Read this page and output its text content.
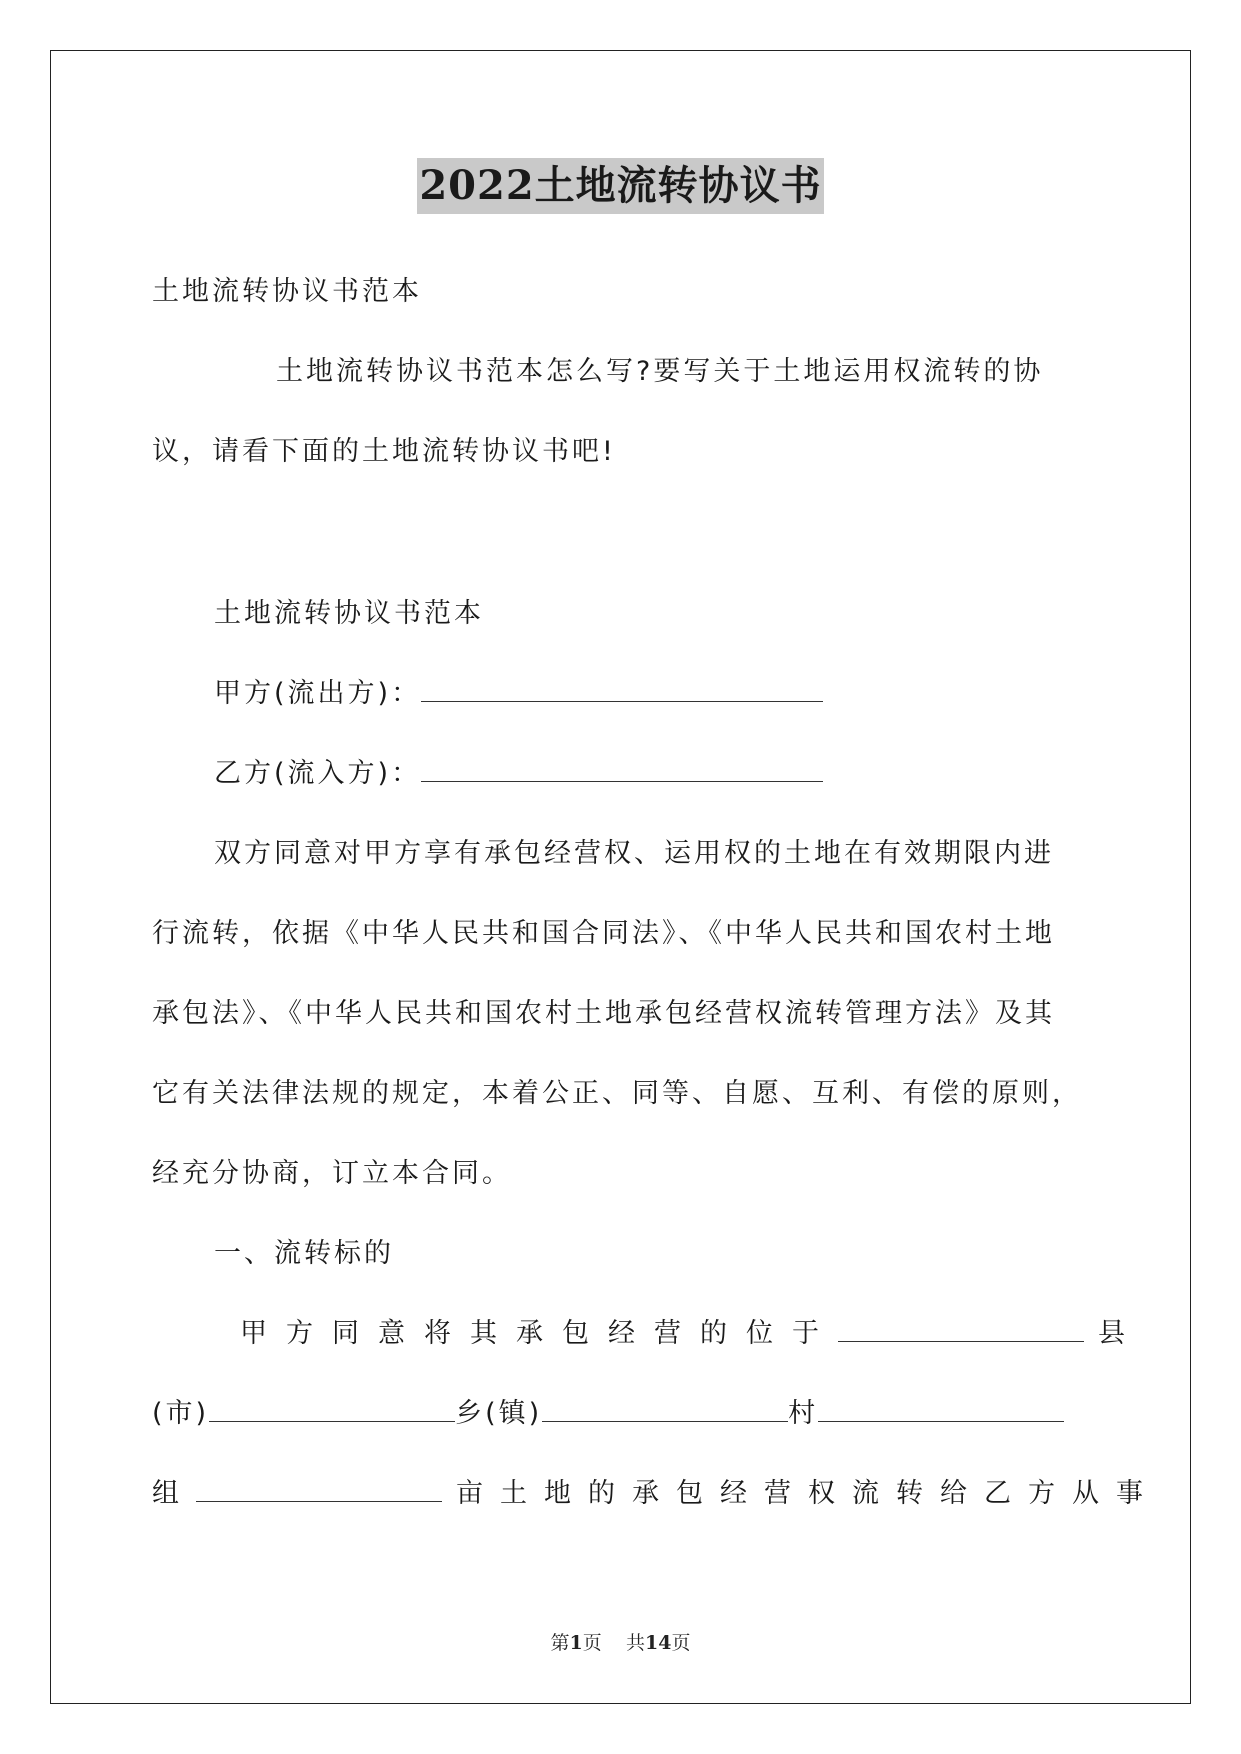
2022土地流转协议书
土地流转协议书范本
土地流转协议书范本怎么写?要写关于土地运用权流转的协
议，请看下面的土地流转协议书吧!
土地流转协议书范本
甲方(流出方)：
乙方(流入方)：
双方同意对甲方享有承包经营权、运用权的土地在有效期限内进
行流转，依据《中华人民共和国合同法》、《中华人民共和国农村土地
承包法》、《中华人民共和国农村土地承包经营权流转管理方法》及其
它有关法律法规的规定，本着公正、同等、自愿、互利、有偿的原则，
经充分协商，订立本合同。
一、流转标的
甲方同意将其承包经营的位于	县
(市)	乡(镇)	村
组	亩土地的承包经营权流转给乙方从事
第1页 共14页
